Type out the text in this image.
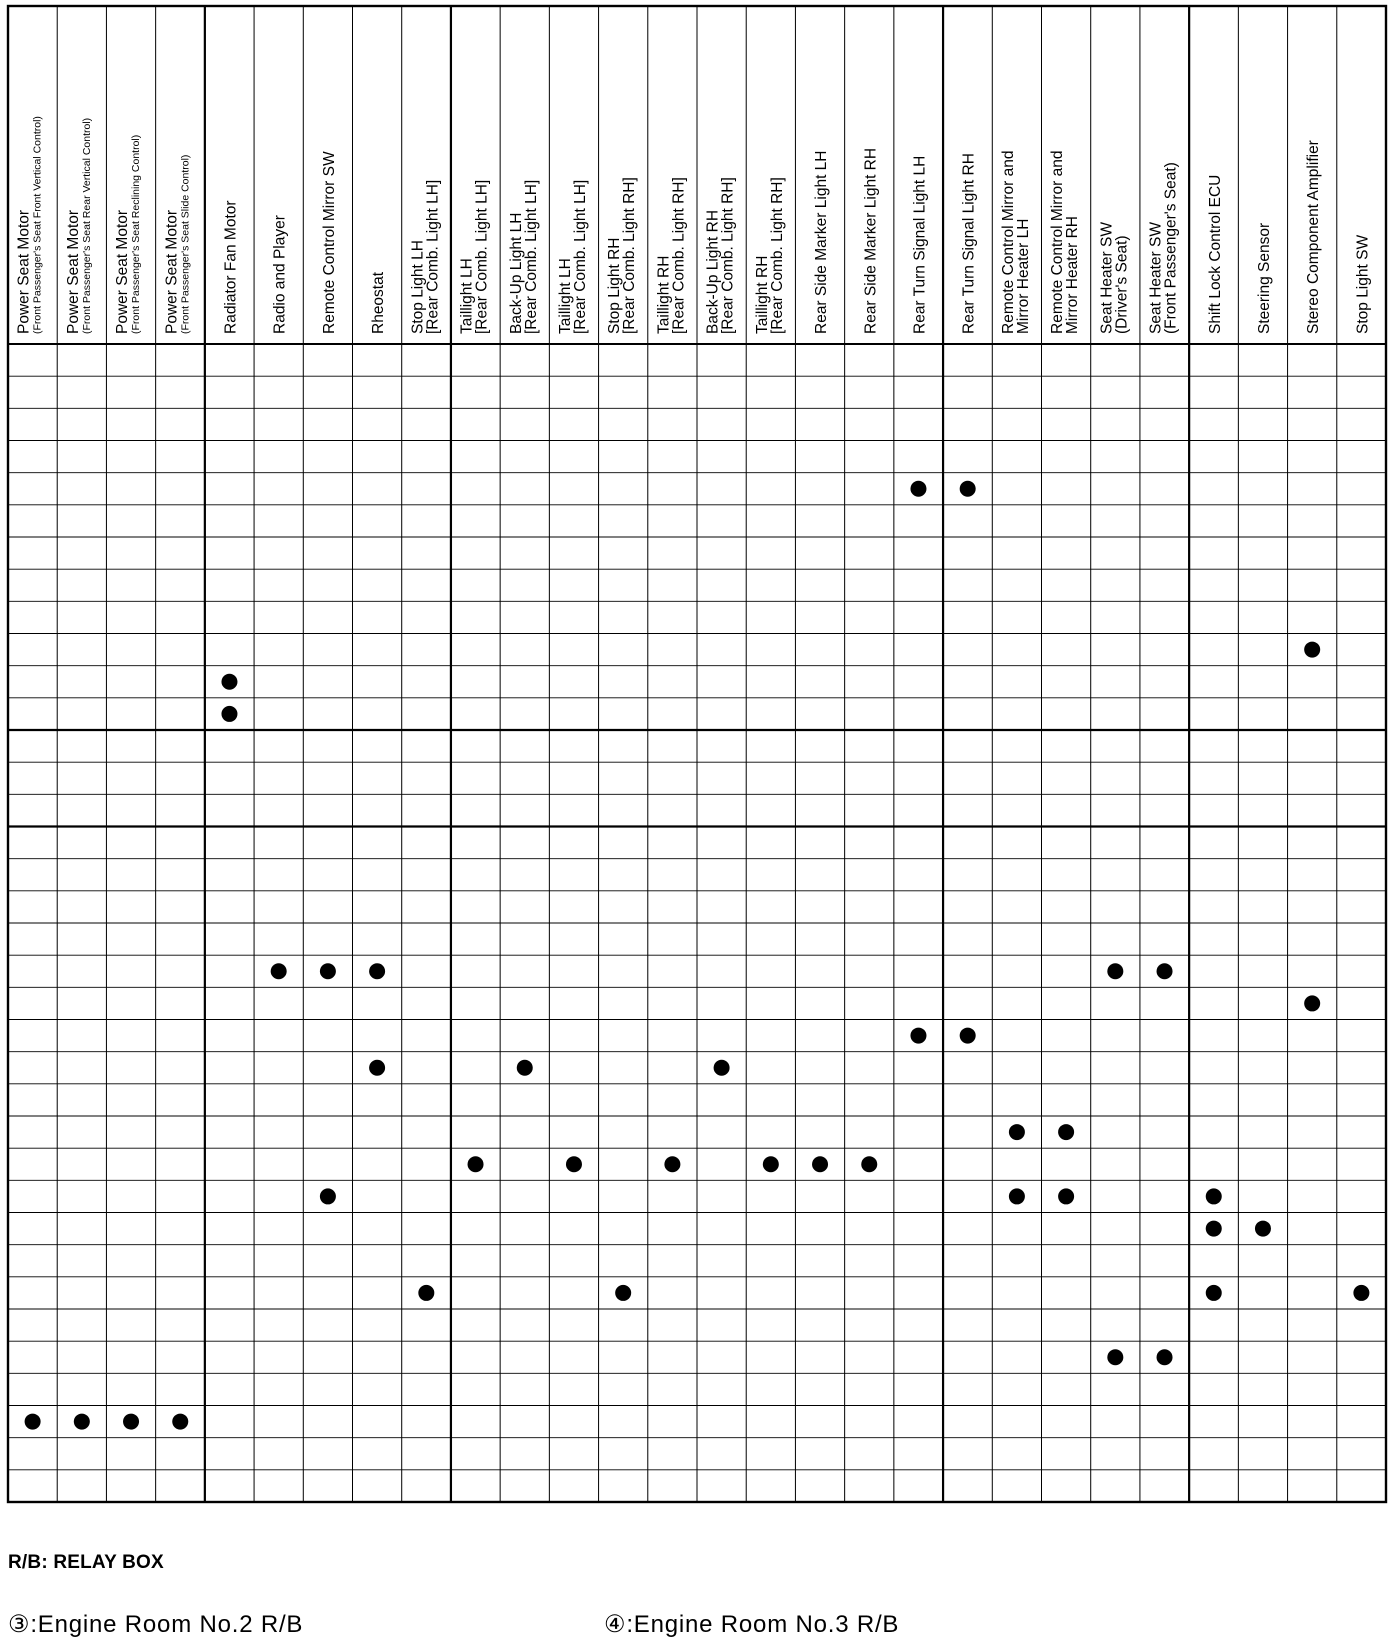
Power Seat Motor (Front Passenger's Seat Front Vertical Control) Power Seat Motor (Front Passenger's Seat Rear Vertical Control) Power Seat Motor (Front Passenger's Seat Reclining Control) Power Seat Motor (Front Passenger's Seat Slide Control) Radiator Fan Motor Radio and Player Remote Control Mirror SW Rheostat Stop Light LH
[Rear Comb. Light LH] Taillight LH
[Rear Comb. Light LH] Back-Up Light LH
[Rear Comb. Light LH] Taillight LH
[Rear Comb. Light LH] Stop Light RH
[Rear Comb. Light RH] Taillight RH
[Rear Comb. Light RH] Back-Up Light RH
[Rear Comb. Light RH] Taillight RH
[Rear Comb. Light RH] Rear Side Marker Light LH Rear Side Marker Light RH Rear Turn Signal Light LH Rear Turn Signal Light RH Remote Control Mirror and
Mirror Heater LH Remote Control Mirror and
Mirror Heater RH Seat Heater SW
(Driver's Seat) Seat Heater SW
(Front Passenger's Seat) Shift Lock Control ECU Steering Sensor Stereo Component Amplifier Stop Light SW
R/B: RELAY BOX
③:Engine Room No.2 R/B	④:Engine Room No.3 R/B
